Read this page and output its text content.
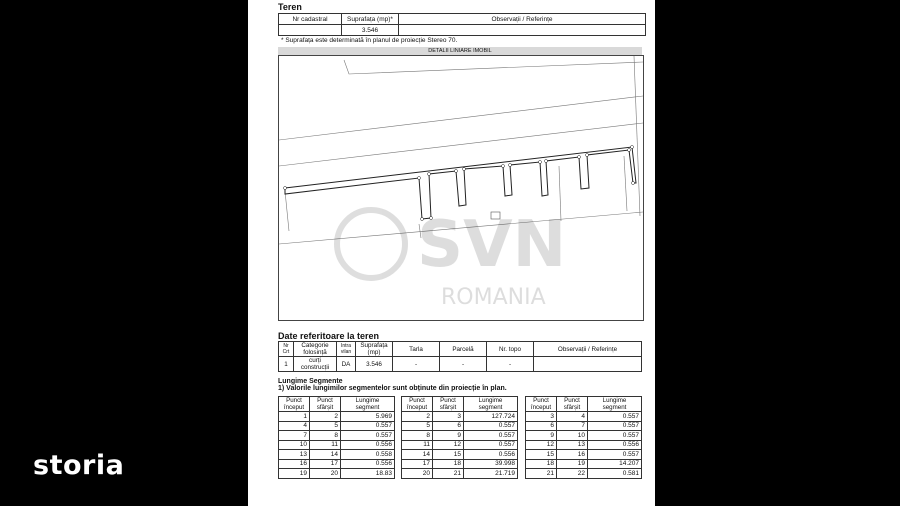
storia
Teren
Nr cadastral	Suprafața (mp)*	Observații / Referințe
	3.546	
* Suprafața este determinată în planul de proiecție Stereo 70.
DETALII LINIARE IMOBIL
SVN
ROMANIA
Date referitoare la teren
Nr Crt	Categorie folosință	Intra vilan	Suprafața (mp)	Tarla	Parcelă	Nr. topo	Observații / Referințe
1	curți construcții	DA	3.546	-	-	-	
Lungime Segmente
1) Valorile lungimilor segmentelor sunt obținute din proiecție în plan.
Punct început	Punct sfârșit	Lungime segment
1	2	5.969
4	5	0.557
7	8	0.557
10	11	0.556
13	14	0.558
16	17	0.556
19	20	18.83
Punct început	Punct sfârșit	Lungime segment
2	3	127.724
5	6	0.557
8	9	0.557
11	12	0.557
14	15	0.556
17	18	39.998
20	21	21.719
Punct început	Punct sfârșit	Lungime segment
3	4	0.557
6	7	0.557
9	10	0.557
12	13	0.556
15	16	0.557
18	19	14.207
21	22	0.581
